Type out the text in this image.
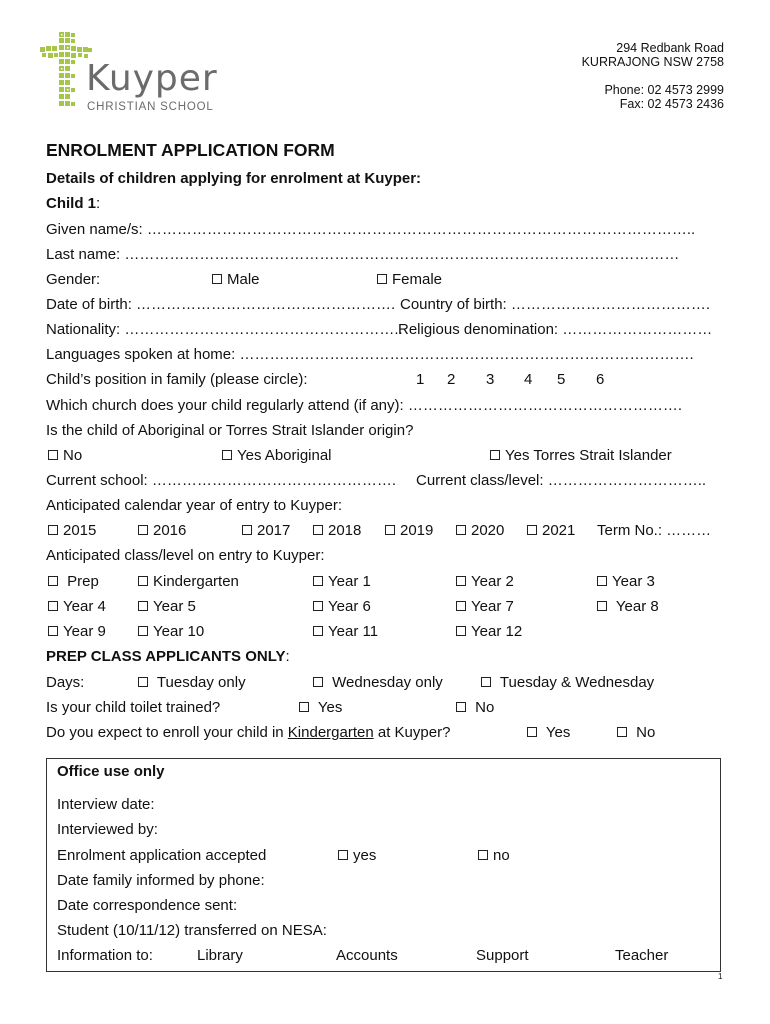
Kuyper
CHRISTIAN SCHOOL
294 Redbank Road
KURRAJONG NSW 2758
Phone: 02 4573 2999
Fax: 02 4573 2436
ENROLMENT APPLICATION FORM
Details of children applying for enrolment at Kuyper:
Child 1:
Given name/s: ………………………………………………………………………………………………..
Last name: …………………………………………………………………………………………………
Gender:	Male	Female
Date of birth: ……………………………………………. Country of birth: ………………………………….
Nationality: ………………………………………………..
Religious denomination: …………………………
Languages spoken at home: ……………………………………………………………………………….
Child’s position in family (please circle):	1 2 3 4 5 6
Which church does your child regularly attend (if any): ……………………………………………….
Is the child of Aboriginal or Torres Strait Islander origin?
No	Yes Aboriginal	Yes Torres Strait Islander
Current school: …………………………………………. Current class/level: …………………………..
Anticipated calendar year of entry to Kuyper:
2015	2016	2017	2018	2019	2020	2021 Term No.: ………
Anticipated class/level on entry to Kuyper:
Prep	Kindergarten	Year 1	Year 2	Year 3
Year 4	Year 5	Year 6	Year 7	Year 8
Year 9	Year 10	Year 11	Year 12
PREP CLASS APPLICANTS ONLY:
Days:	Tuesday only	Wednesday only	Tuesday & Wednesday
Is your child toilet trained?	Yes	No
Do you expect to enroll your child in Kindergarten at Kuyper?	Yes	No
Office use only
Interview date:
Interviewed by:
Enrolment application accepted	yes	no
Date family informed by phone:
Date correspondence sent:
Student (10/11/12) transferred on NESA:
Information to:	Library	Accounts	Support	Teacher
1
